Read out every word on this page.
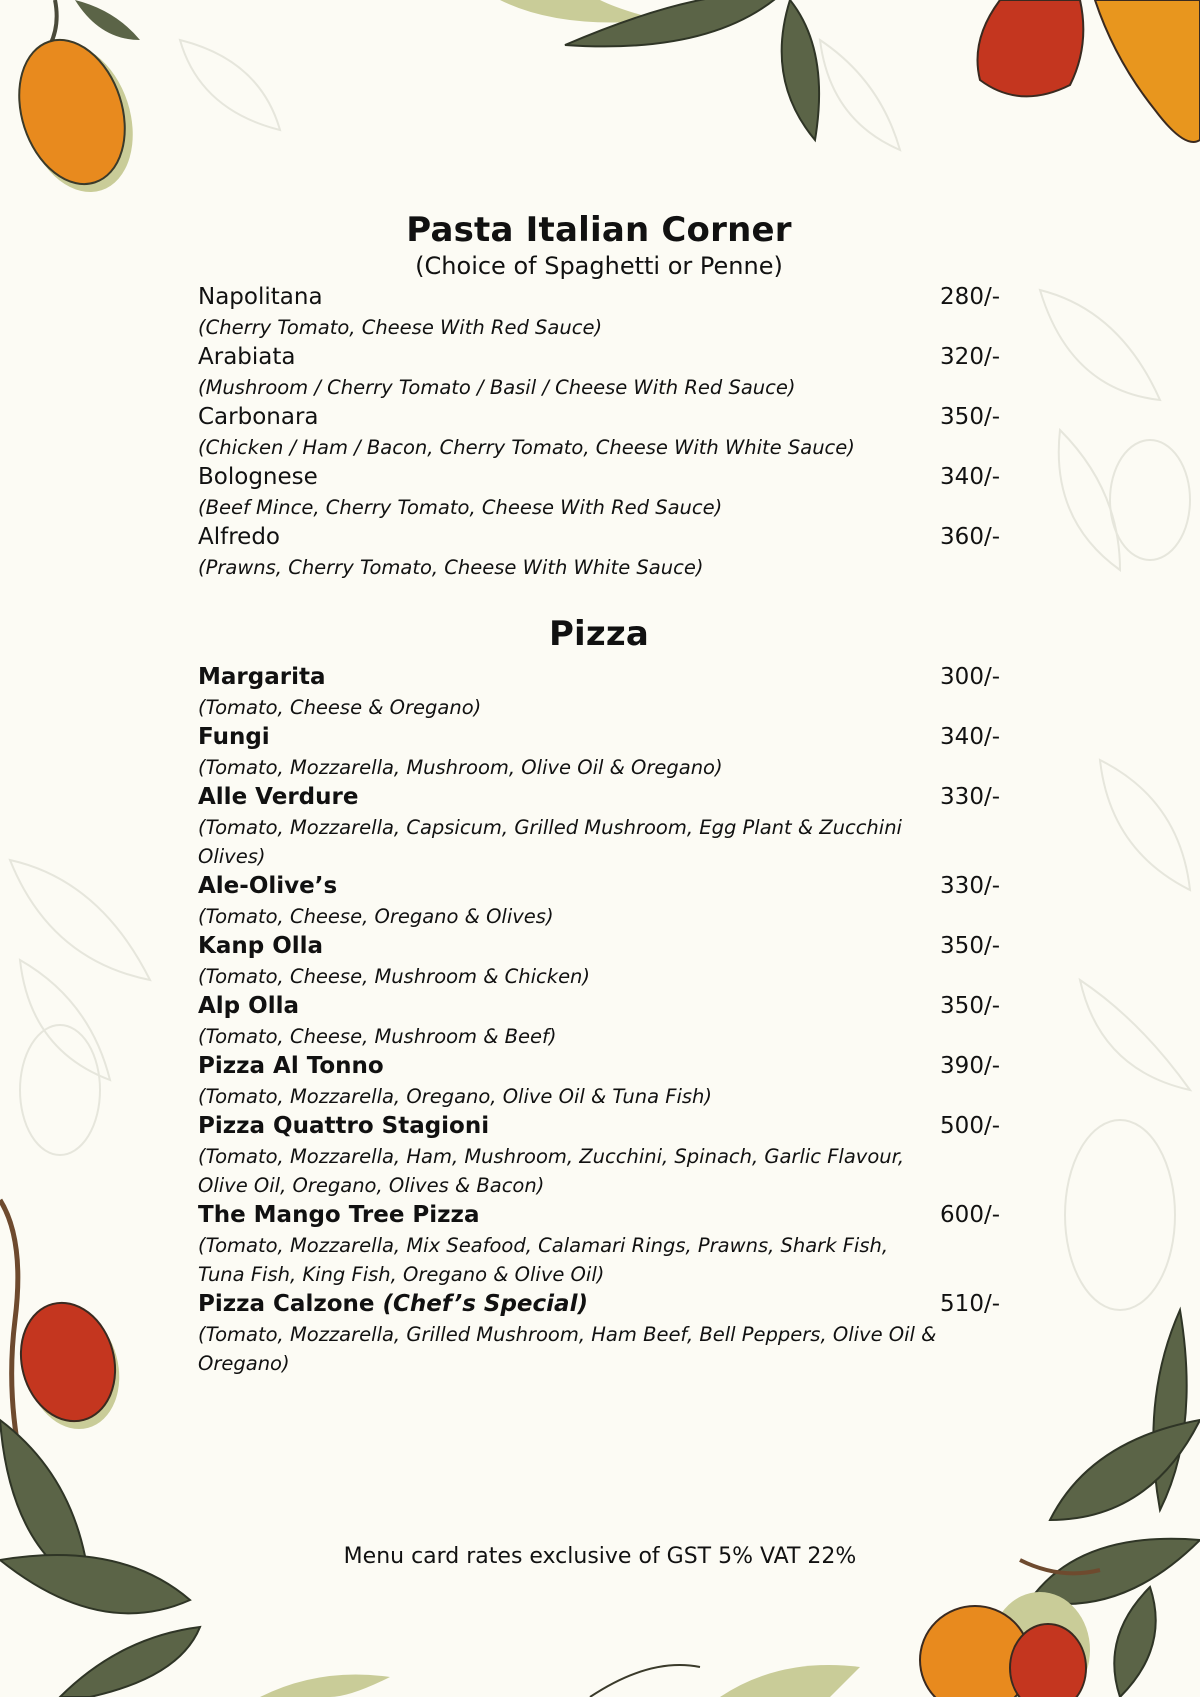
Pasta Italian Corner

(Choice of Spaghetti or Penne)

Napolitana	280/-
(Cherry Tomato, Cheese With Red Sauce)
Arabiata	320/-
(Mushroom / Cherry Tomato / Basil / Cheese With Red Sauce)
Carbonara	350/-
(Chicken / Ham / Bacon, Cherry Tomato, Cheese With White Sauce)
Bolognese	340/-
(Beef Mince, Cherry Tomato, Cheese With Red Sauce)
Alfredo	360/-
(Prawns, Cherry Tomato, Cheese With White Sauce)
Pizza
Margarita	300/-
(Tomato, Cheese & Oregano)
Fungi	340/-
(Tomato, Mozzarella, Mushroom, Olive Oil & Oregano)
Alle Verdure	330/-
(Tomato, Mozzarella, Capsicum, Grilled Mushroom, Egg Plant & Zucchini Olives)
Ale-Olive’s	330/-
(Tomato, Cheese, Oregano & Olives)
Kanp Olla	350/-
(Tomato, Cheese, Mushroom & Chicken)
Alp Olla	350/-
(Tomato, Cheese, Mushroom & Beef)
Pizza Al Tonno	390/-
(Tomato, Mozzarella, Oregano, Olive Oil & Tuna Fish)
Pizza Quattro Stagioni	500/-
(Tomato, Mozzarella, Ham, Mushroom, Zucchini, Spinach, Garlic Flavour, Olive Oil, Oregano, Olives & Bacon)
The Mango Tree Pizza	600/-
(Tomato, Mozzarella, Mix Seafood, Calamari Rings, Prawns, Shark Fish, Tuna Fish, King Fish, Oregano & Olive Oil)
Pizza Calzone (Chef’s Special)	510/-
(Tomato, Mozzarella, Grilled Mushroom, Ham Beef, Bell Peppers, Olive Oil & Oregano)
Menu card rates exclusive of GST 5% VAT 22%
